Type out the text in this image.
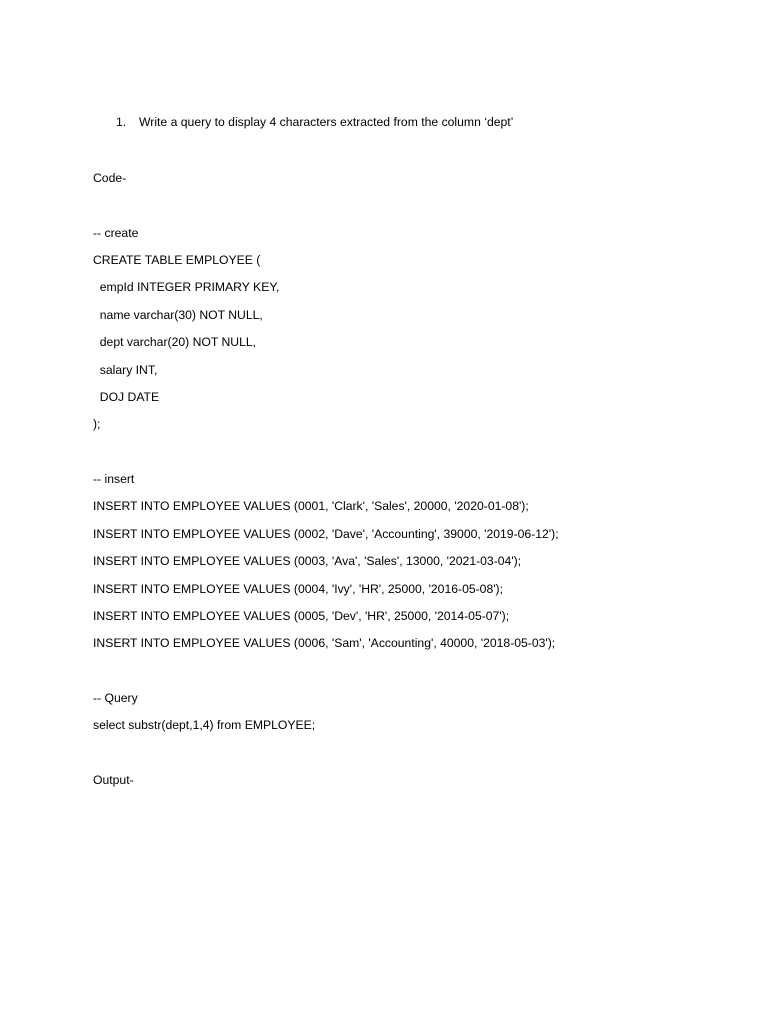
1. Write a query to display 4 characters extracted from the column ‘dept’
Code-
-- create
CREATE TABLE EMPLOYEE (
empId INTEGER PRIMARY KEY,
name varchar(30) NOT NULL,
dept varchar(20) NOT NULL,
salary INT,
DOJ DATE
);
-- insert
INSERT INTO EMPLOYEE VALUES (0001, 'Clark', 'Sales', 20000, '2020-01-08');
INSERT INTO EMPLOYEE VALUES (0002, 'Dave', 'Accounting', 39000, '2019-06-12');
INSERT INTO EMPLOYEE VALUES (0003, 'Ava', 'Sales', 13000, '2021-03-04');
INSERT INTO EMPLOYEE VALUES (0004, 'Ivy', 'HR', 25000, '2016-05-08');
INSERT INTO EMPLOYEE VALUES (0005, 'Dev', 'HR', 25000, '2014-05-07');
INSERT INTO EMPLOYEE VALUES (0006, 'Sam', 'Accounting', 40000, '2018-05-03');
-- Query
select substr(dept,1,4) from EMPLOYEE;
Output-
